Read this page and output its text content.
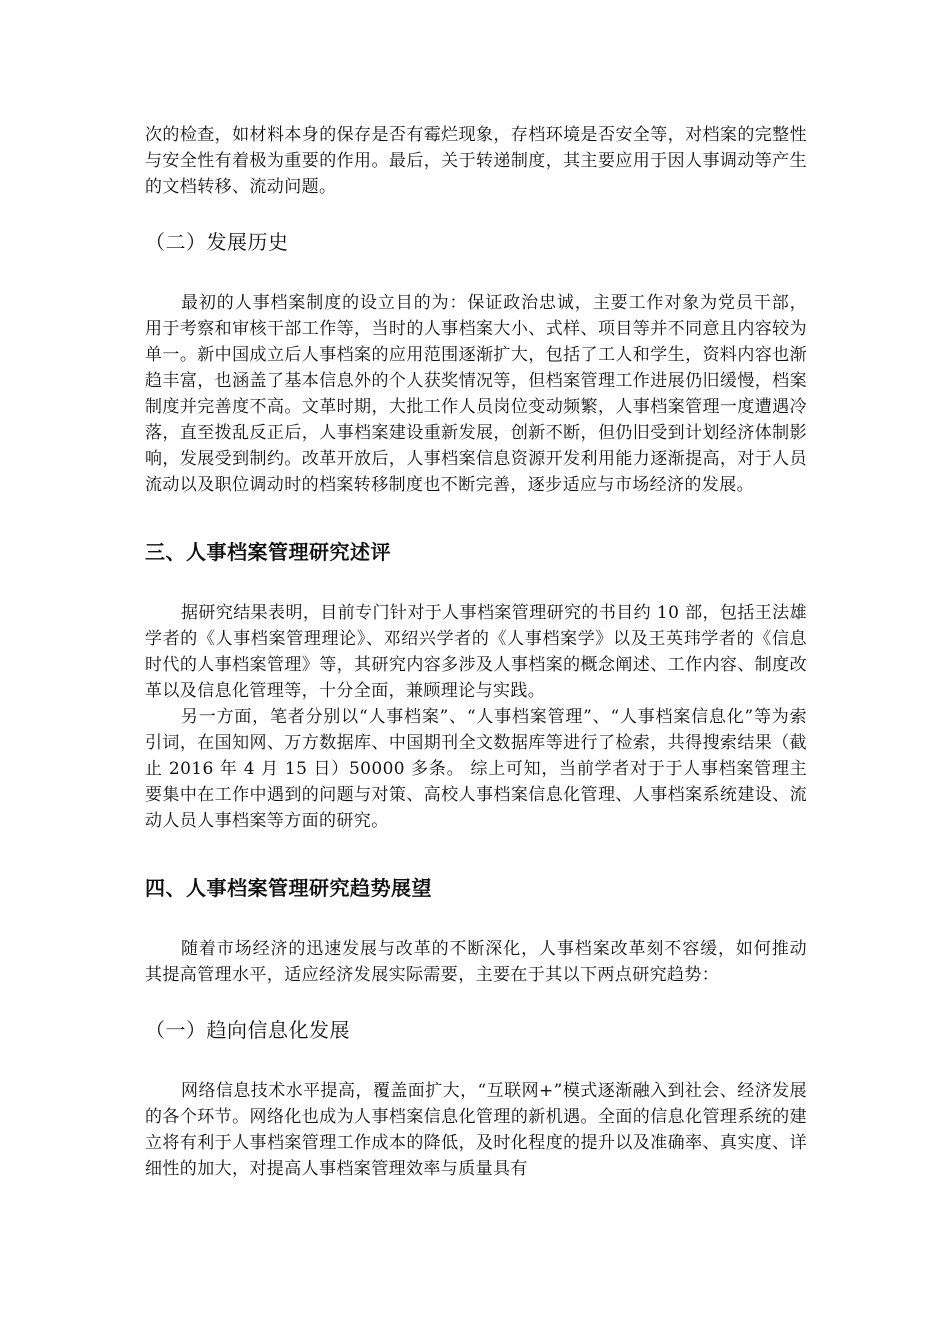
次的检查，如材料本身的保存是否有霉烂现象，存档环境是否安全等，对档案的完整性与安全性有着极为重要的作用。最后，关于转递制度，其主要应用于因人事调动等产生的文档转移、流动问题。

（二）发展历史

最初的人事档案制度的设立目的为：保证政治忠诚，主要工作对象为党员干部，用于考察和审核干部工作等，当时的人事档案大小、式样、项目等并不同意且内容较为单一。新中国成立后人事档案的应用范围逐渐扩大，包括了工人和学生，资料内容也渐趋丰富，也涵盖了基本信息外的个人获奖情况等，但档案管理工作进展仍旧缓慢，档案制度并完善度不高。文革时期，大批工作人员岗位变动频繁，人事档案管理一度遭遇冷落，直至拨乱反正后，人事档案建设重新发展，创新不断，但仍旧受到计划经济体制影响，发展受到制约。改革开放后，人事档案信息资源开发利用能力逐渐提高，对于人员流动以及职位调动时的档案转移制度也不断完善，逐步适应与市场经济的发展。

三、人事档案管理研究述评

据研究结果表明，目前专门针对于人事档案管理研究的书目约 10 部，包括王法雄学者的《人事档案管理理论》、邓绍兴学者的《人事档案学》以及王英玮学者的《信息时代的人事档案管理》等，其研究内容多涉及人事档案的概念阐述、工作内容、制度改革以及信息化管理等，十分全面，兼顾理论与实践。

另一方面，笔者分别以“人事档案”、“人事档案管理”、“人事档案信息化”等为索引词，在国知网、万方数据库、中国期刊全文数据库等进行了检索，共得搜索结果（截止 2016 年 4 月 15 日）50000 多条。 综上可知，当前学者对于于人事档案管理主要集中在工作中遇到的问题与对策、高校人事档案信息化管理、人事档案系统建设、流动人员人事档案等方面的研究。

四、人事档案管理研究趋势展望

随着市场经济的迅速发展与改革的不断深化，人事档案改革刻不容缓，如何推动其提高管理水平，适应经济发展实际需要，主要在于其以下两点研究趋势：

（一）趋向信息化发展

网络信息技术水平提高，覆盖面扩大，“互联网+”模式逐渐融入到社会、经济发展的各个环节。网络化也成为人事档案信息化管理的新机遇。全面的信息化管理系统的建立将有利于人事档案管理工作成本的降低，及时化程度的提升以及准确率、真实度、详细性的加大，对提高人事档案管理效率与质量具有
